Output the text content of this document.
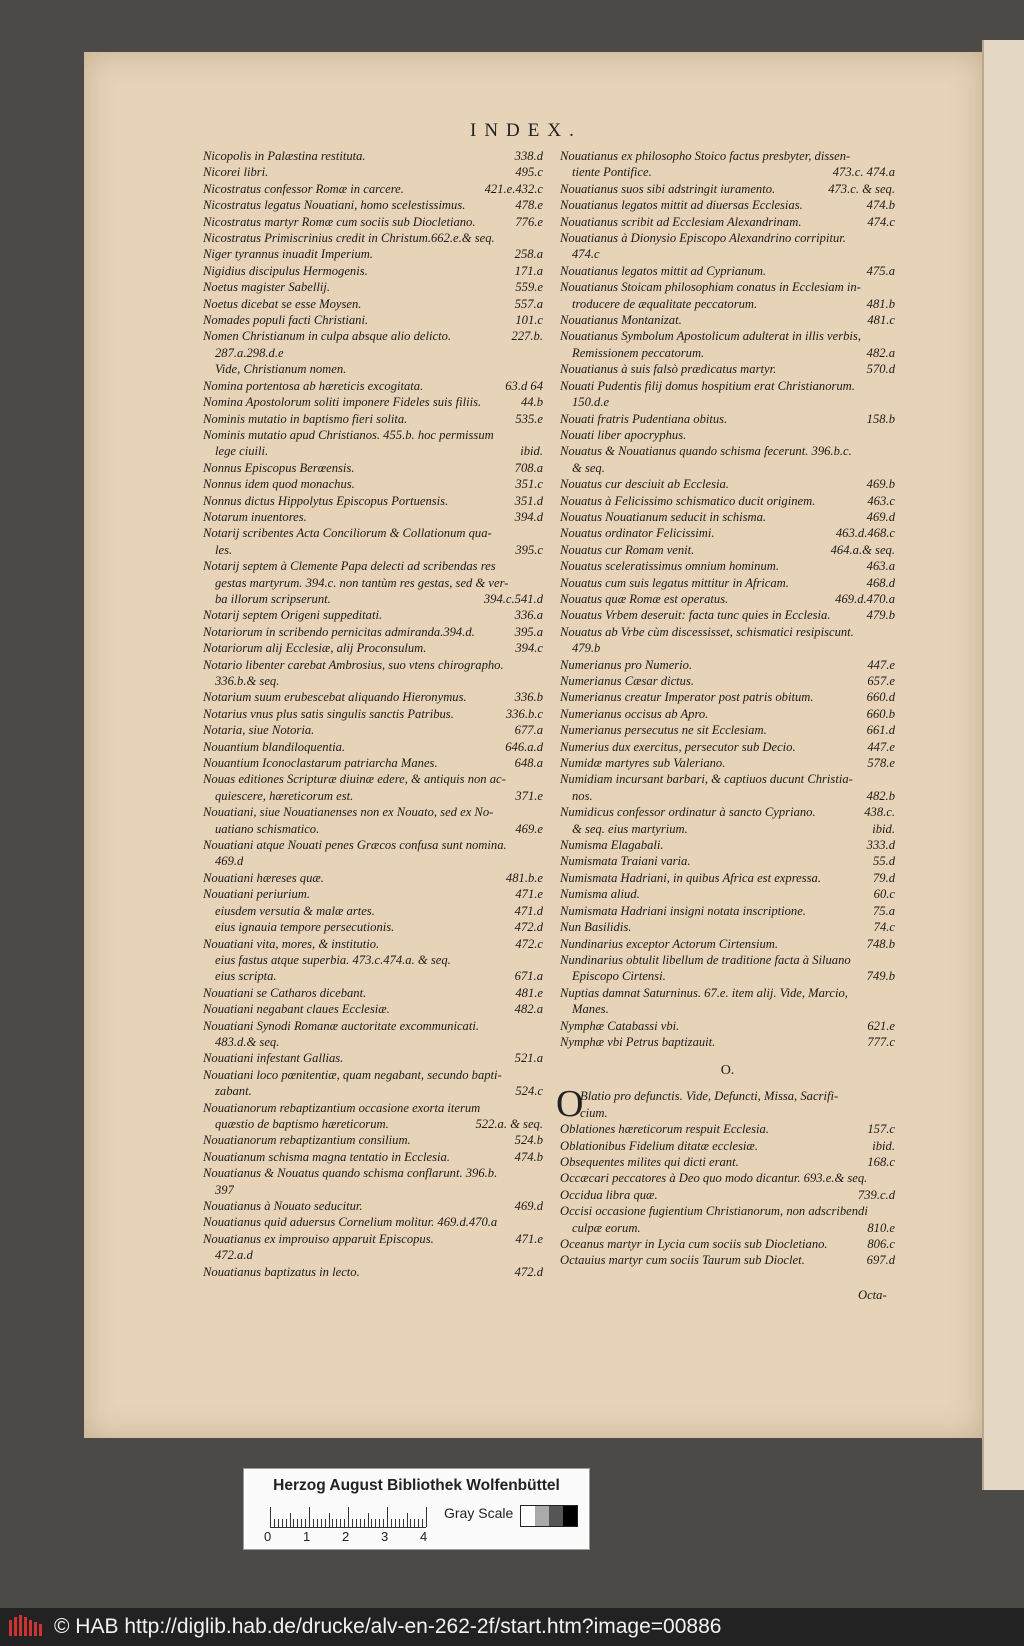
INDEX.
Nicopolis in Palæstina restituta.	338.d
Nicorei libri.	495.c
Nicostratus confessor Romæ in carcere.	421.e.432.c
Nicostratus legatus Nouatiani, homo scelestissimus.	478.e
Nicostratus martyr Romæ cum sociis sub Diocletiano.	776.e
Nicostratus Primiscrinius credit in Christum.662.e.& seq.
Niger tyrannus inuadit Imperium.	258.a
Nigidius discipulus Hermogenis.	171.a
Noetus magister Sabellij.	559.e
Noetus dicebat se esse Moysen.	557.a
Nomades populi facti Christiani.	101.c
Nomen Christianum in culpa absque alio delicto.	227.b.
287.a.298.d.e
Vide, Christianum nomen.
Nomina portentosa ab hæreticis excogitata.	63.d 64
Nomina Apostolorum soliti imponere Fideles suis filiis.	44.b
Nominis mutatio in baptismo fieri solita.	535.e
Nominis mutatio apud Christianos. 455.b. hoc permissum
lege ciuili.	ibid.
Nonnus Episcopus Berœensis.	708.a
Nonnus idem quod monachus.	351.c
Nonnus dictus Hippolytus Episcopus Portuensis.	351.d
Notarum inuentores.	394.d
Notarij scribentes Acta Conciliorum & Collationum qua-
les.	395.c
Notarij septem à Clemente Papa delecti ad scribendas res
gestas martyrum. 394.c. non tantùm res gestas, sed & ver-
ba illorum scripserunt.	394.c.541.d
Notarij septem Origeni suppeditati.	336.a
Notariorum in scribendo pernicitas admiranda.394.d.	395.a
Notariorum alij Ecclesiæ, alij Proconsulum.	394.c
Notario libenter carebat Ambrosius, suo vtens chirographo.
336.b.& seq.
Notarium suum erubescebat aliquando Hieronymus.	336.b
Notarius vnus plus satis singulis sanctis Patribus.	336.b.c
Notaria, siue Notoria.	677.a
Nouantium blandiloquentia.	646.a.d
Nouantium Iconoclastarum patriarcha Manes.	648.a
Nouas editiones Scripturæ diuinæ edere, & antiquis non ac-
quiescere, hæreticorum est.	371.e
Nouatiani, siue Nouatianenses non ex Nouato, sed ex No-
uatiano schismatico.	469.e
Nouatiani atque Nouati penes Græcos confusa sunt nomina.
469.d
Nouatiani hæreses quæ.	481.b.e
Nouatiani periurium.	471.e
eiusdem versutia & malæ artes.	471.d
eius ignauia tempore persecutionis.	472.d
Nouatiani vita, mores, & institutio.	472.c
eius fastus atque superbia. 473.c.474.a. & seq.
eius scripta.	671.a
Nouatiani se Catharos dicebant.	481.e
Nouatiani negabant claues Ecclesiæ.	482.a
Nouatiani Synodi Romanæ auctoritate excommunicati.
483.d.& seq.
Nouatiani infestant Gallias.	521.a
Nouatiani loco pœnitentiæ, quam negabant, secundo bapti-
zabant.	524.c
Nouatianorum rebaptizantium occasione exorta iterum
quæstio de baptismo hæreticorum.	522.a. & seq.
Nouatianorum rebaptizantium consilium.	524.b
Nouatianum schisma magna tentatio in Ecclesia.	474.b
Nouatianus & Nouatus quando schisma conflarunt. 396.b.
397
Nouatianus à Nouato seducitur.	469.d
Nouatianus quid aduersus Cornelium molitur. 469.d.470.a
Nouatianus ex improuiso apparuit Episcopus.	471.e
472.a.d
Nouatianus baptizatus in lecto.	472.d
Nouatianus ex philosopho Stoico factus presbyter, dissen-
tiente Pontifice.	473.c. 474.a
Nouatianus suos sibi adstringit iuramento.	473.c. & seq.
Nouatianus legatos mittit ad diuersas Ecclesias.	474.b
Nouatianus scribit ad Ecclesiam Alexandrinam.	474.c
Nouatianus à Dionysio Episcopo Alexandrino corripitur.
474.c
Nouatianus legatos mittit ad Cyprianum.	475.a
Nouatianus Stoicam philosophiam conatus in Ecclesiam in-
troducere de æqualitate peccatorum.	481.b
Nouatianus Montanizat.	481.c
Nouatianus Symbolum Apostolicum adulterat in illis verbis,
Remissionem peccatorum.	482.a
Nouatianus à suis falsò prædicatus martyr.	570.d
Nouati Pudentis filij domus hospitium erat Christianorum.
150.d.e
Nouati fratris Pudentiana obitus.	158.b
Nouati liber apocryphus.
Nouatus & Nouatianus quando schisma fecerunt. 396.b.c.
& seq.
Nouatus cur desciuit ab Ecclesia.	469.b
Nouatus à Felicissimo schismatico ducit originem.	463.c
Nouatus Nouatianum seducit in schisma.	469.d
Nouatus ordinator Felicissimi.	463.d.468.c
Nouatus cur Romam venit.	464.a.& seq.
Nouatus sceleratissimus omnium hominum.	463.a
Nouatus cum suis legatus mittitur in Africam.	468.d
Nouatus quæ Romæ est operatus.	469.d.470.a
Nouatus Vrbem deseruit: facta tunc quies in Ecclesia.	479.b
Nouatus ab Vrbe cùm discessisset, schismatici resipiscunt.
479.b
Numerianus pro Numerio.	447.e
Numerianus Cæsar dictus.	657.e
Numerianus creatur Imperator post patris obitum.	660.d
Numerianus occisus ab Apro.	660.b
Numerianus persecutus ne sit Ecclesiam.	661.d
Numerius dux exercitus, persecutor sub Decio.	447.e
Numidæ martyres sub Valeriano.	578.e
Numidiam incursant barbari, & captiuos ducunt Christia-
nos.	482.b
Numidicus confessor ordinatur à sancto Cypriano.	438.c.
& seq. eius martyrium.	ibid.
Numisma Elagabali.	333.d
Numismata Traiani varia.	55.d
Numismata Hadriani, in quibus Africa est expressa.	79.d
Numisma aliud.	60.c
Numismata Hadriani insigni notata inscriptione.	75.a
Nun Basilidis.	74.c
Nundinarius exceptor Actorum Cirtensium.	748.b
Nundinarius obtulit libellum de traditione facta à Siluano
Episcopo Cirtensi.	749.b
Nuptias damnat Saturninus. 67.e. item alij. Vide, Marcio,
Manes.
Nymphæ Catabassi vbi.	621.e
Nymphæ vbi Petrus baptizauit.	777.c
O.
O
Blatio pro defunctis. Vide, Defuncti, Missa, Sacrifi-
cium.
Oblationes hæreticorum respuit Ecclesia.	157.c
Oblationibus Fidelium ditatæ ecclesiæ.	ibid.
Obsequentes milites qui dicti erant.	168.c
Occæcari peccatores à Deo quo modo dicantur. 693.e.& seq.
Occidua libra quæ.	739.c.d
Occisi occasione fugientium Christianorum, non adscribendi
culpæ eorum.	810.e
Oceanus martyr in Lycia cum sociis sub Diocletiano.	806.c
Octauius martyr cum sociis Taurum sub Dioclet.	697.d
Octa-
Herzog August Bibliothek Wolfenbüttel
0 1 2 3 4
Gray Scale
© HAB http://diglib.hab.de/drucke/alv-en-262-2f/start.htm?image=00886
